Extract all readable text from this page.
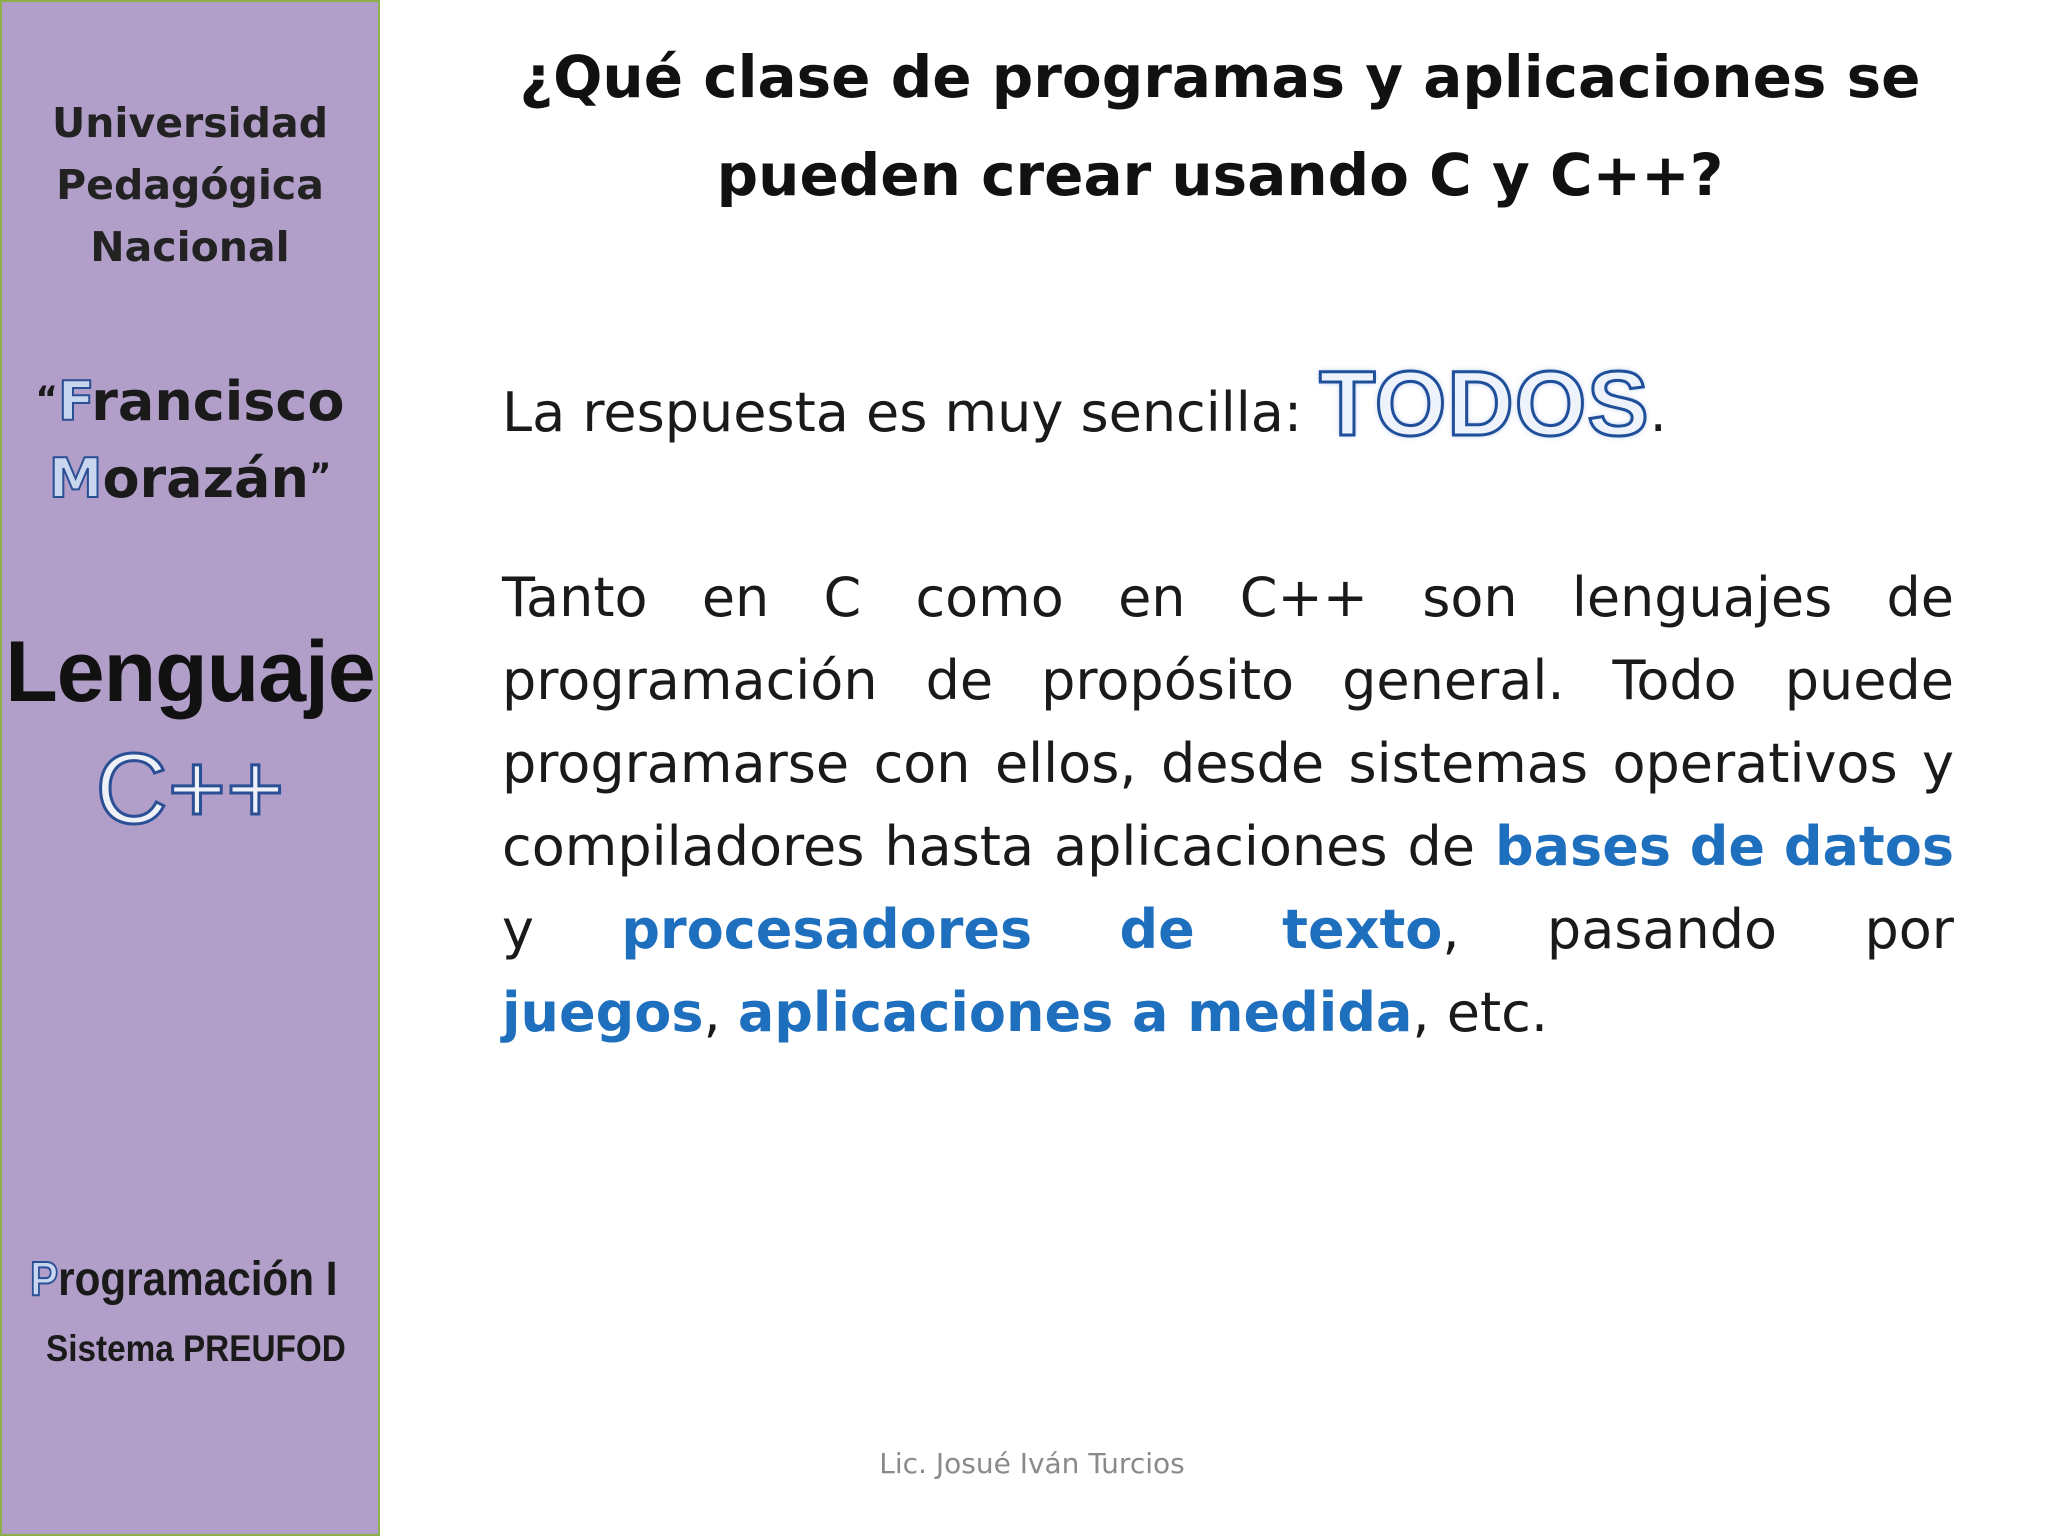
Universidad
Pedagógica
Nacional
“Francisco
Morazán”
Lenguaje
C++
Programación I
Sistema PREUFOD
¿Qué clase de programas y aplicaciones se
pueden crear usando C y C++?
La respuesta es muy sencilla: TODOS.
Tanto en C como en C++ son lenguajes de
programación de propósito general. Todo puede
programarse con ellos, desde sistemas operativos y
compiladores hasta aplicaciones de bases de datos
y procesadores de texto, pasando por
juegos , aplicaciones a medida , etc.
Lic. Josué Iván Turcios
